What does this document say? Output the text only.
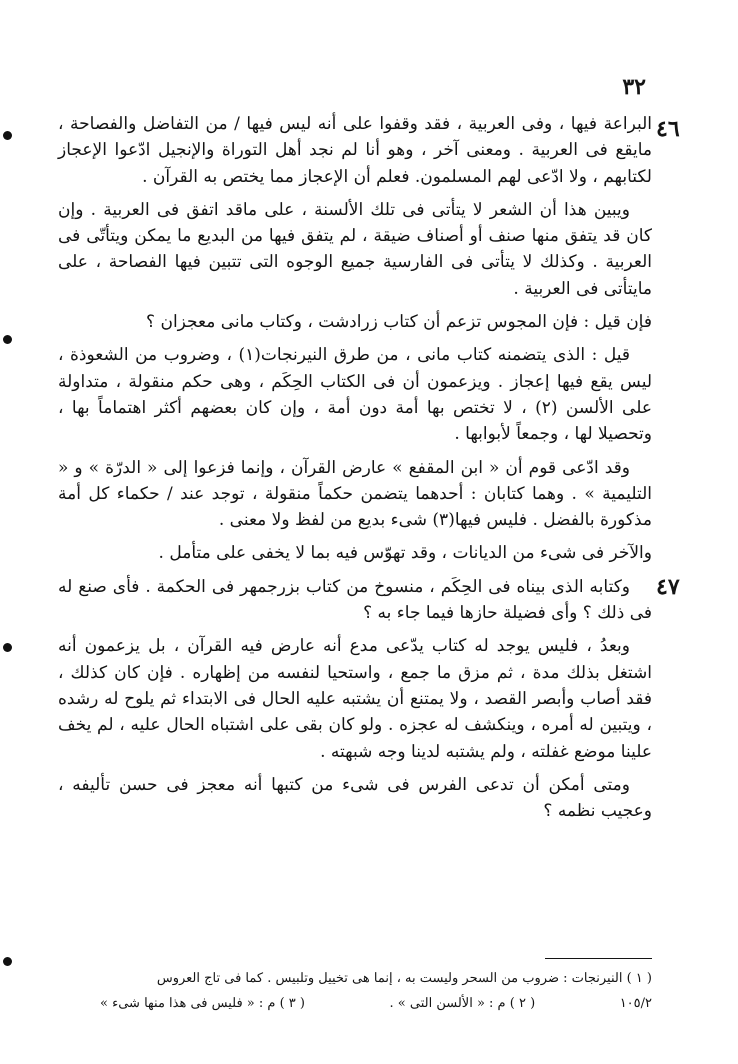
٣٢
٤٦
٤٧

البراعة فيها ، وفى العربية ، فقد وقفوا على أنه ليس فيها / من التفاضل والفصاحة ، مايقع فى العربية . ومعنى آخر ، وهو أنا لم نجد أهل التوراة والإنجيل ادّعوا الإعجاز لكتابهم ، ولا ادّعى لهم المسلمون. فعلم أن الإعجاز مما يختص به القرآن .

ويبين هذا أن الشعر لا يتأتى فى تلك الألسنة ، على ماقد اتفق فى العربية . وإن كان قد يتفق منها صنف أو أصناف ضيقة ، لم يتفق فيها من البديع ما يمكن ويتأتّى فى العربية . وكذلك لا يتأتى فى الفارسية جميع الوجوه التى تتبين فيها الفصاحة ، على مايتأتى فى العربية .

فإن قيل : فإن المجوس تزعم أن كتاب زرادشت ، وكتاب مانى معجزان ؟

قيل : الذى يتضمنه كتاب مانى ، من طرق النيرنجات(١) ، وضروب من الشعوذة ، ليس يقع فيها إعجاز . ويزعمون أن فى الكتاب الحِكَم ، وهى حكم منقولة ، متداولة على الألسن (٢) ، لا تختص بها أمة دون أمة ، وإن كان بعضهم أكثر اهتماماً بها ، وتحصيلا لها ، وجمعاً لأبوابها .

وقد ادّعى قوم أن « ابن المقفع » عارض القرآن ، وإنما فزعوا إلى « الدرّة » و « التليمية » . وهما كتابان : أحدهما يتضمن حكماً منقولة ، توجد عند / حكماء كل أمة مذكورة بالفضل . فليس فيها(٣) شىء بديع من لفظ ولا معنى .

والآخر فى شىء من الديانات ، وقد تهوّس فيه بما لا يخفى على متأمل .

وكتابه الذى بيناه فى الحِكَم ، منسوخ من كتاب بزرجمهر فى الحكمة . فأى صنع له فى ذلك ؟ وأى فضيلة حازها فيما جاء به ؟

وبعدُ ، فليس يوجد له كتاب يدّعى مدع أنه عارض فيه القرآن ، بل يزعمون أنه اشتغل بذلك مدة ، ثم مزق ما جمع ، واستحيا لنفسه من إظهاره . فإن كان كذلك ، فقد أصاب وأبصر القصد ، ولا يمتنع أن يشتبه عليه الحال فى الابتداء ثم يلوح له رشده ، ويتبين له أمره ، وينكشف له عجزه . ولو كان بقى على اشتباه الحال عليه ، لم يخف علينا موضع غفلته ، ولم يشتبه لدينا وجه شبهته .

ومتى أمكن أن تدعى الفرس فى شىء من كتبها أنه معجز فى حسن تأليفه ، وعجيب نظمه ؟

( ١ ) النيرنجات : ضروب من السحر وليست به ، إنما هى تخييل وتلبيس . كما فى تاج العروس
١٠٥/٢
( ٢ ) م : « الألسن التى » .
( ٣ ) م : « فليس فى هذا منها شىء »
